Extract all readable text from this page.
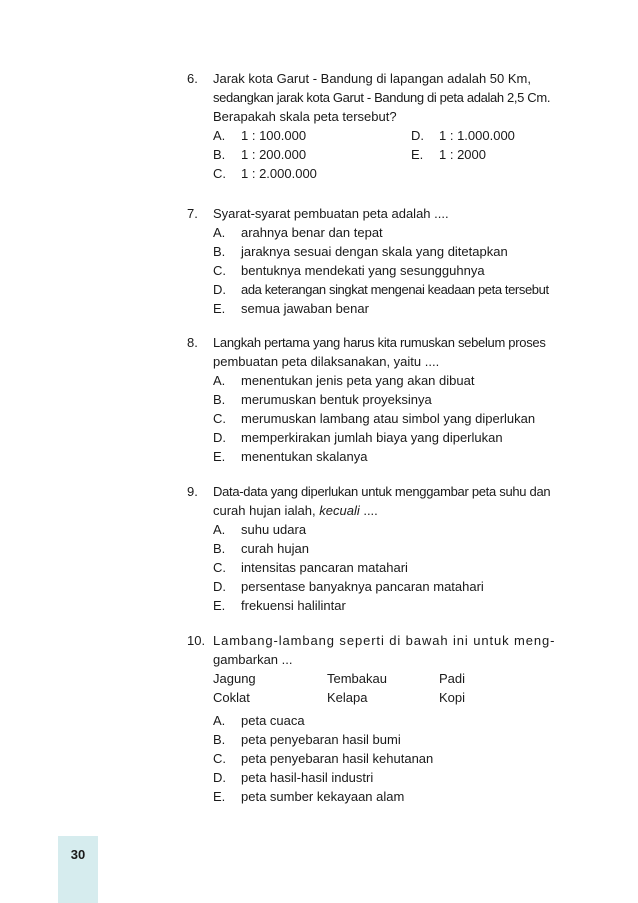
6.	Jarak kota Garut - Bandung di lapangan adalah 50 Km,
sedangkan jarak kota Garut - Bandung di peta adalah 2,5 Cm.
Berapakah skala peta tersebut?
A.	1 : 100.000	D.	1 : 1.000.000
B.	1 : 200.000	E.	1 : 2000
C.	1 : 2.000.000
7.	Syarat-syarat pembuatan peta adalah ....
A.	arahnya benar dan tepat
B.	jaraknya sesuai dengan skala yang ditetapkan
C.	bentuknya mendekati yang sesungguhnya
D.	ada keterangan singkat mengenai keadaan peta tersebut
E.	semua jawaban benar
8.	Langkah pertama yang harus kita rumuskan sebelum proses
pembuatan peta dilaksanakan, yaitu ....
A.	menentukan jenis peta yang akan dibuat
B.	merumuskan bentuk proyeksinya
C.	merumuskan lambang atau simbol yang diperlukan
D.	memperkirakan jumlah biaya yang diperlukan
E.	menentukan skalanya
9.	Data-data yang diperlukan untuk menggambar peta suhu dan
curah hujan ialah, kecuali ....
A.	suhu udara
B.	curah hujan
C.	intensitas pancaran matahari
D.	persentase banyaknya pancaran matahari
E.	frekuensi halilintar
10. Lambang-lambang seperti di bawah ini untuk meng-
gambarkan ...
Jagung	Tembakau	Padi
Coklat	Kelapa	Kopi
A.	peta cuaca
B.	peta penyebaran hasil bumi
C.	peta penyebaran hasil kehutanan
D.	peta hasil-hasil industri
E.	peta sumber kekayaan alam
30
